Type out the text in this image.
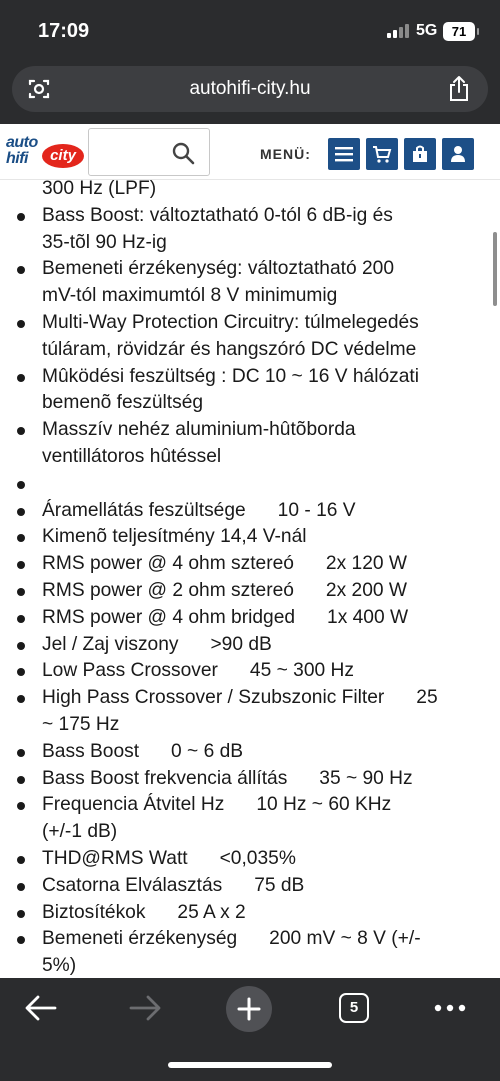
17:09	5G	71
autohifi-city.hu
auto
hifi	city	MENÜ:
300 Hz (LPF)
Bass Boost: változtatható 0-tól 6 dB-ig és
35-tõl 90 Hz-ig
Bemeneti érzékenység: változtatható 200
mV-tól maximumtól 8 V minimumig
Multi-Way Protection Circuitry: túlmelegedés
túláram, rövidzár és hangszóró DC védelme
Mûködési feszültség : DC 10 ~ 16 V hálózati
bemenõ feszültség
Masszív nehéz aluminium-hûtõborda
ventillátoros hûtéssel
Áramellátás feszültsége      10 - 16 V
Kimenõ teljesítmény 14,4 V-nál
RMS power @ 4 ohm sztereó      2x 120 W
RMS power @ 2 ohm sztereó      2x 200 W
RMS power @ 4 ohm bridged      1x 400 W
Jel / Zaj viszony      >90 dB
Low Pass Crossover      45 ~ 300 Hz
High Pass Crossover / Szubszonic Filter      25
~ 175 Hz
Bass Boost      0 ~ 6 dB
Bass Boost frekvencia állítás      35 ~ 90 Hz
Frequencia Átvitel Hz      10 Hz ~ 60 KHz
(+/-1 dB)
THD@RMS Watt      <0,035%
Csatorna Elválasztás      75 dB
Biztosítékok      25 A x 2
Bemeneti érzékenység      200 mV ~ 8 V (+/-
5%)
5
